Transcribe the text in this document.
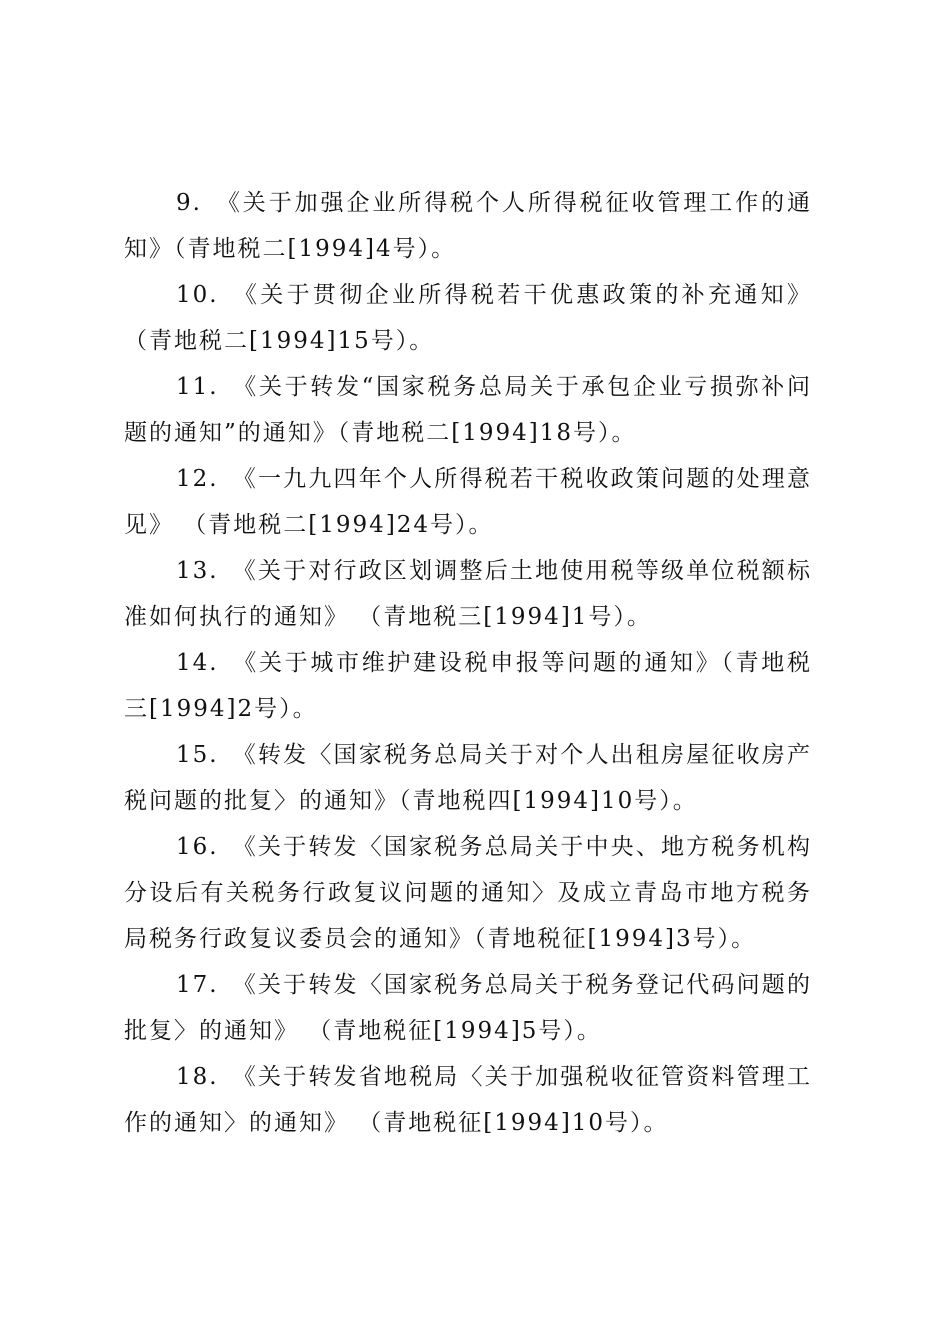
9. 《关于加强企业所得税个人所得税征收管理工作的通知》（青地税二[1994]4号）。

10. 《关于贯彻企业所得税若干优惠政策的补充通知》（青地税二[1994]15号）。

11. 《关于转发“国家税务总局关于承包企业亏损弥补问题的通知”的通知》（青地税二[1994]18号）。

12. 《一九九四年个人所得税若干税收政策问题的处理意见》 （青地税二[1994]24号）。

13. 《关于对行政区划调整后土地使用税等级单位税额标准如何执行的通知》 （青地税三[1994]1号）。

14. 《关于城市维护建设税申报等问题的通知》（青地税三[1994]2号）。

15. 《转发〈国家税务总局关于对个人出租房屋征收房产税问题的批复〉的通知》（青地税四[1994]10号）。

16. 《关于转发〈国家税务总局关于中央、地方税务机构分设后有关税务行政复议问题的通知〉及成立青岛市地方税务局税务行政复议委员会的通知》（青地税征[1994]3号）。

17. 《关于转发〈国家税务总局关于税务登记代码问题的批复〉的通知》 （青地税征[1994]5号）。

18. 《关于转发省地税局〈关于加强税收征管资料管理工作的通知〉的通知》 （青地税征[1994]10号）。
